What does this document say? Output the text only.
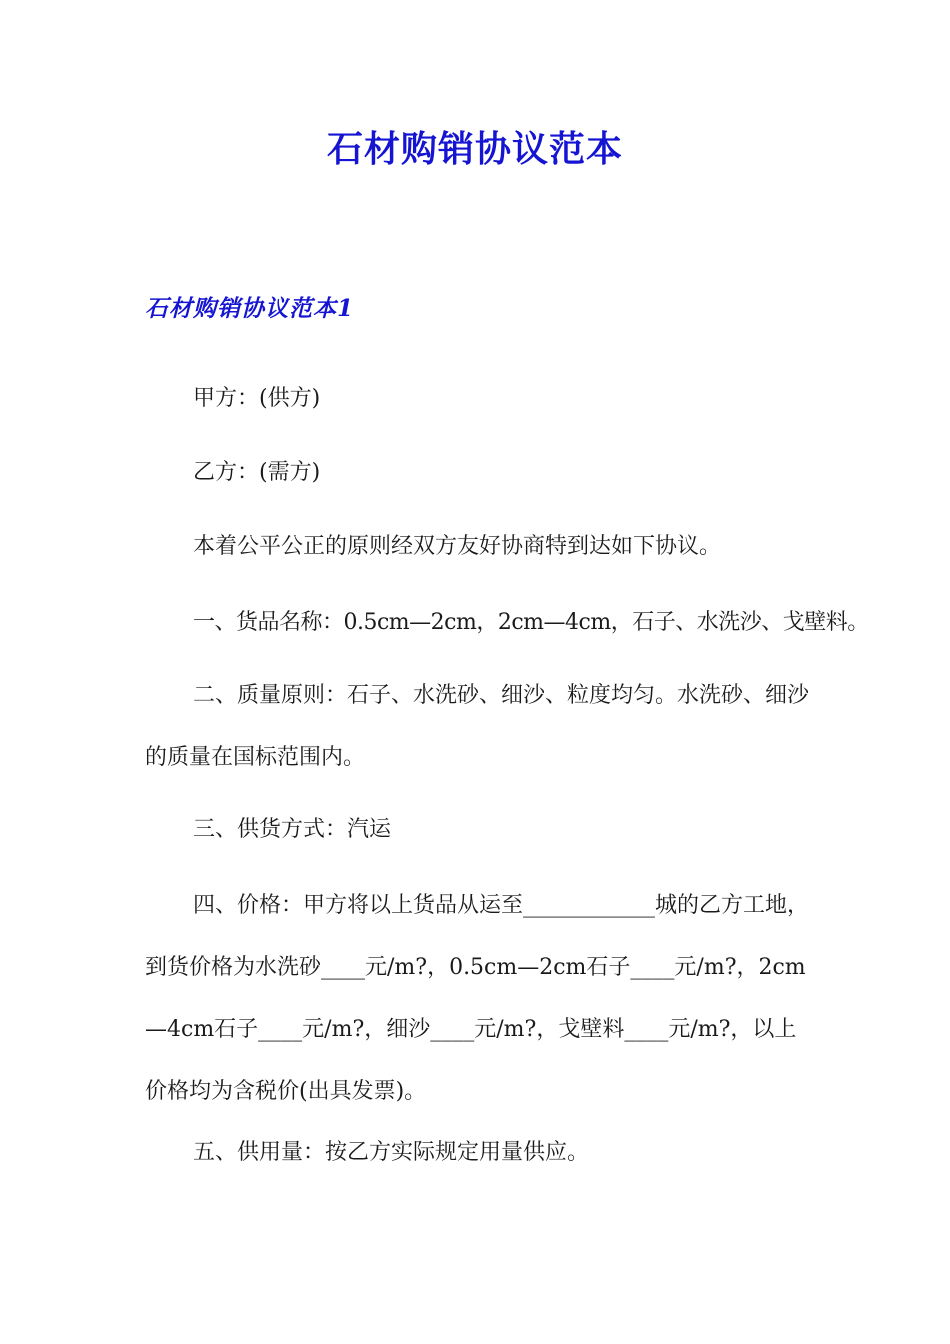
石材购销协议范本
石材购销协议范本1

甲方：(供方)

乙方：(需方)

本着公平公正的原则经双方友好协商特到达如下协议。

一、货品名称：0.5cm—2cm，2cm—4cm，石子、水洗沙、戈壁料。

二、质量原则：石子、水洗砂、细沙、粒度均匀。水洗砂、细沙的质量在国标范围内。

三、供货方式：汽运

四、价格：甲方将以上货品从运至____________城的乙方工地，到货价格为水洗砂____元/m?，0.5cm—2cm石子____元/m?，2cm—4cm石子____元/m?，细沙____元/m?，戈壁料____元/m?，以上价格均为含税价(出具发票)。

五、供用量：按乙方实际规定用量供应。
